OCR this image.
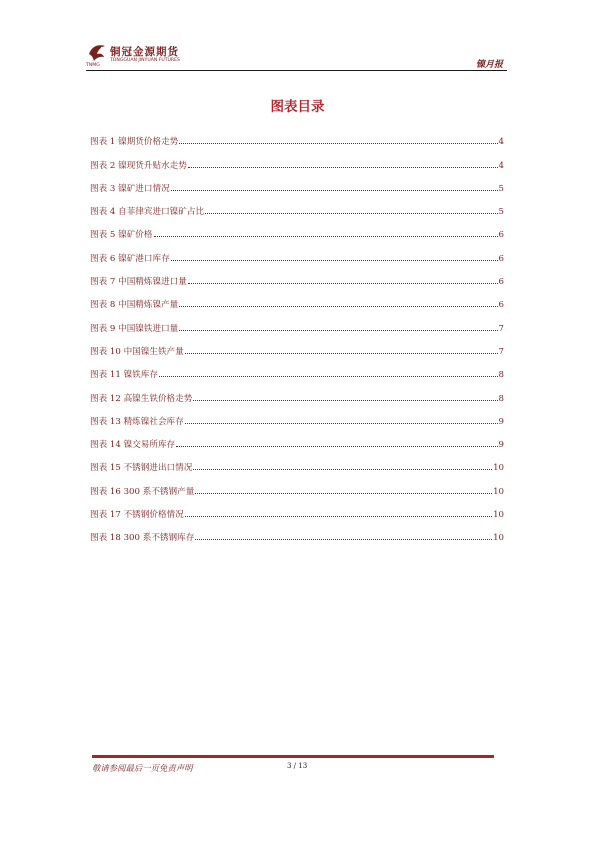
铜冠金源期货
TONGGUAN JINYUAN FUTURES
TNMG	镍月报
图表目录
图表 1 镍期货价格走势	4
图表 2 镍现货升贴水走势	4
图表 3 镍矿进口情况	5
图表 4 自菲律宾进口镍矿占比	5
图表 5 镍矿价格	6
图表 6 镍矿港口库存	6
图表 7 中国精炼镍进口量	6
图表 8 中国精炼镍产量	6
图表 9 中国镍铁进口量	7
图表 10 中国镍生铁产量	7
图表 11 镍铁库存	8
图表 12 高镍生铁价格走势	8
图表 13 精炼镍社会库存	9
图表 14 镍交易所库存	9
图表 15 不锈钢进出口情况	10
图表 16 300 系不锈钢产量	10
图表 17 不锈钢价格情况	10
图表 18 300 系不锈钢库存	10
敬请参阅最后一页免责声明	3 / 13
